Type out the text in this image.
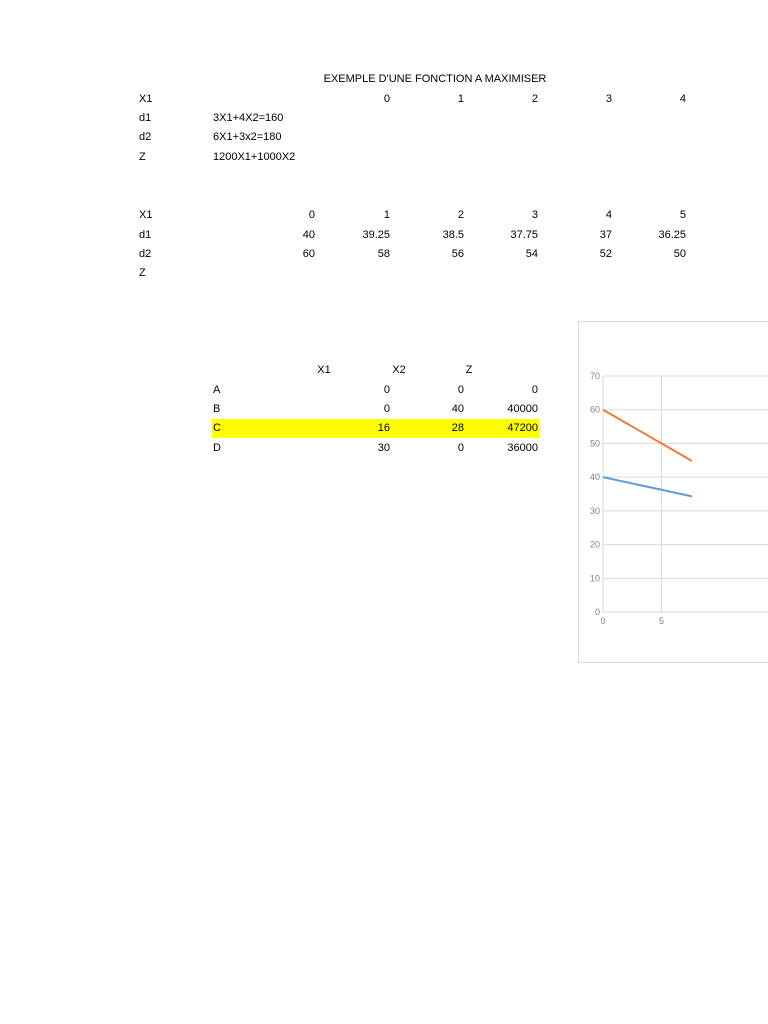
EXEMPLE D'UNE FONCTION A MAXIMISER
X1	0	1	2	3	4
d1	3X1+4X2=160
d2	6X1+3x2=180
Z	1200X1+1000X2
X1	0	1	2	3	4	5
d1	40	39.25	38.5	37.75	37	36.25
d2	60	58	56	54	52	50
Z
X1	X2	Z
A	0	0	0
B	0	40	40000
C	16	28	47200
D	30	0	36000
0
10
20
30
40
50
60
70
0	5
